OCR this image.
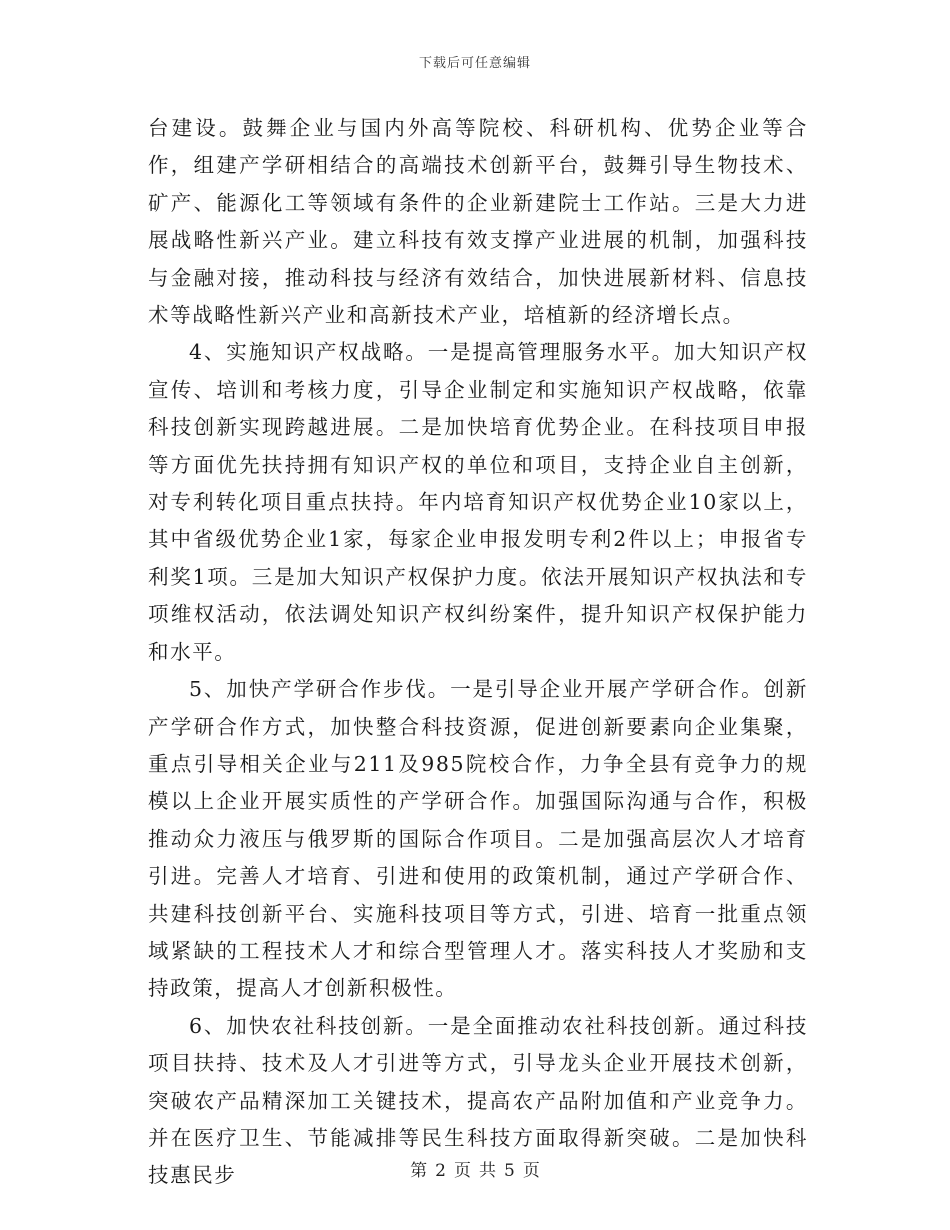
下载后可任意编辑

台建设。鼓舞企业与国内外高等院校、科研机构、优势企业等合作，组建产学研相结合的高端技术创新平台，鼓舞引导生物技术、矿产、能源化工等领域有条件的企业新建院士工作站。三是大力进展战略性新兴产业。建立科技有效支撑产业进展的机制，加强科技与金融对接，推动科技与经济有效结合，加快进展新材料、信息技术等战略性新兴产业和高新技术产业，培植新的经济增长点。

4、实施知识产权战略。一是提高管理服务水平。加大知识产权宣传、培训和考核力度，引导企业制定和实施知识产权战略，依靠科技创新实现跨越进展。二是加快培育优势企业。在科技项目申报等方面优先扶持拥有知识产权的单位和项目，支持企业自主创新，对专利转化项目重点扶持。年内培育知识产权优势企业10家以上，其中省级优势企业1家，每家企业申报发明专利2件以上；申报省专利奖1项。三是加大知识产权保护力度。依法开展知识产权执法和专项维权活动，依法调处知识产权纠纷案件，提升知识产权保护能力和水平。

5、加快产学研合作步伐。一是引导企业开展产学研合作。创新产学研合作方式，加快整合科技资源，促进创新要素向企业集聚，重点引导相关企业与211及985院校合作，力争全县有竞争力的规模以上企业开展实质性的产学研合作。加强国际沟通与合作，积极推动众力液压与俄罗斯的国际合作项目。二是加强高层次人才培育引进。完善人才培育、引进和使用的政策机制，通过产学研合作、共建科技创新平台、实施科技项目等方式，引进、培育一批重点领域紧缺的工程技术人才和综合型管理人才。落实科技人才奖励和支持政策，提高人才创新积极性。

6、加快农社科技创新。一是全面推动农社科技创新。通过科技项目扶持、技术及人才引进等方式，引导龙头企业开展技术创新，突破农产品精深加工关键技术，提高农产品附加值和产业竞争力。并在医疗卫生、节能减排等民生科技方面取得新突破。二是加快科技惠民步	第 2 页 共 5 页
